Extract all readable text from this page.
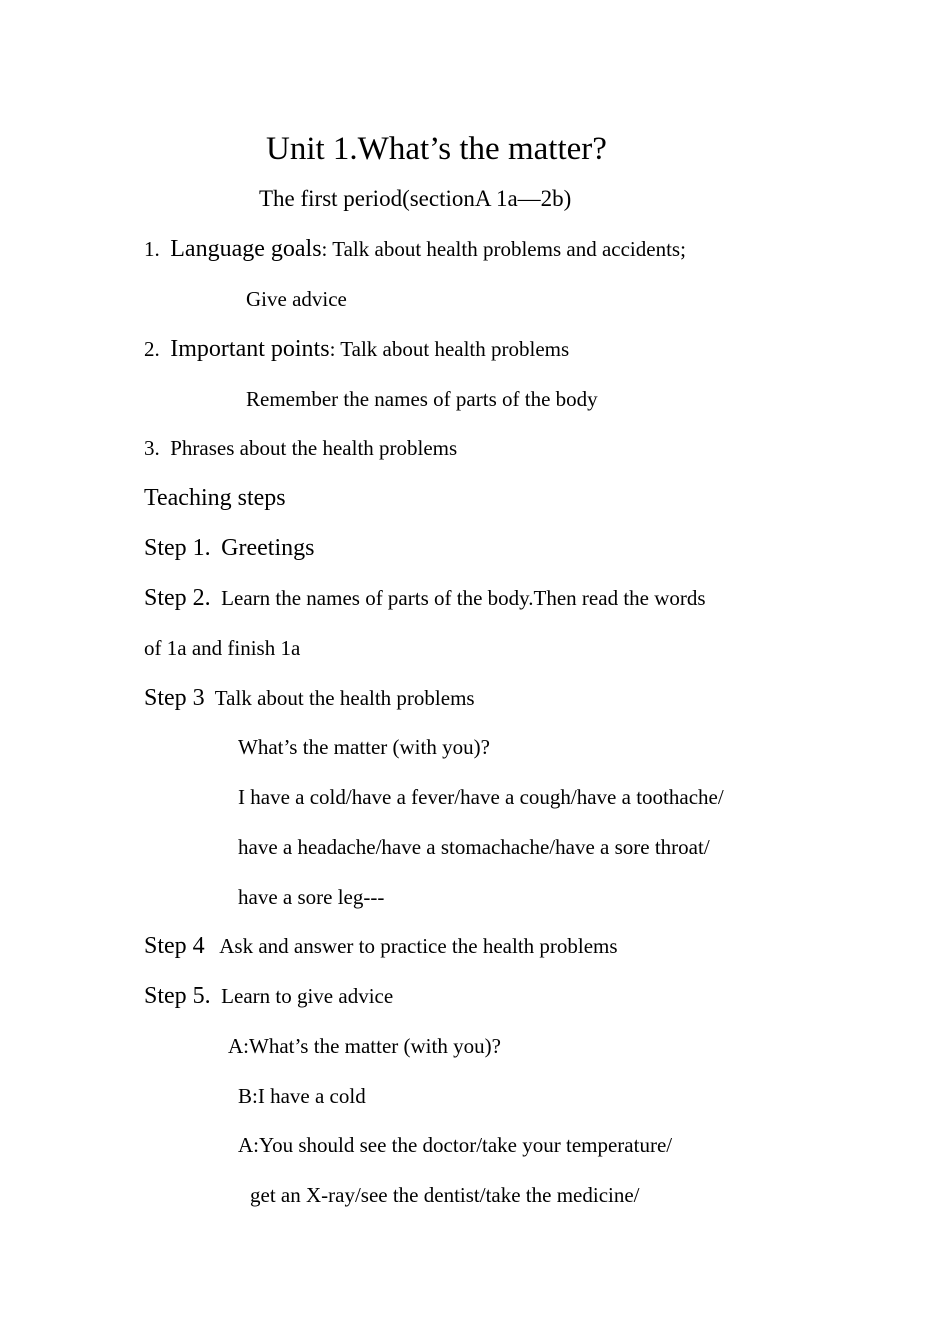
Unit 1.What’s the matter?
The first period(sectionA 1a—2b)
1. Language goals: Talk about health problems and accidents;
Give advice
2. Important points: Talk about health problems
Remember the names of parts of the body
3. Phrases about the health problems
Teaching steps
Step 1. Greetings
Step 2. Learn the names of parts of the body.Then read the words
of 1a and finish 1a
Step 3 Talk about the health problems
What’s the matter (with you)?
I have a cold/have a fever/have a cough/have a toothache/
have a headache/have a stomachache/have a sore throat/
have a sore leg---
Step 4 Ask and answer to practice the health problems
Step 5. Learn to give advice
A:What’s the matter (with you)?
B:I have a cold
A:You should see the doctor/take your temperature/
get an X-ray/see the dentist/take the medicine/
